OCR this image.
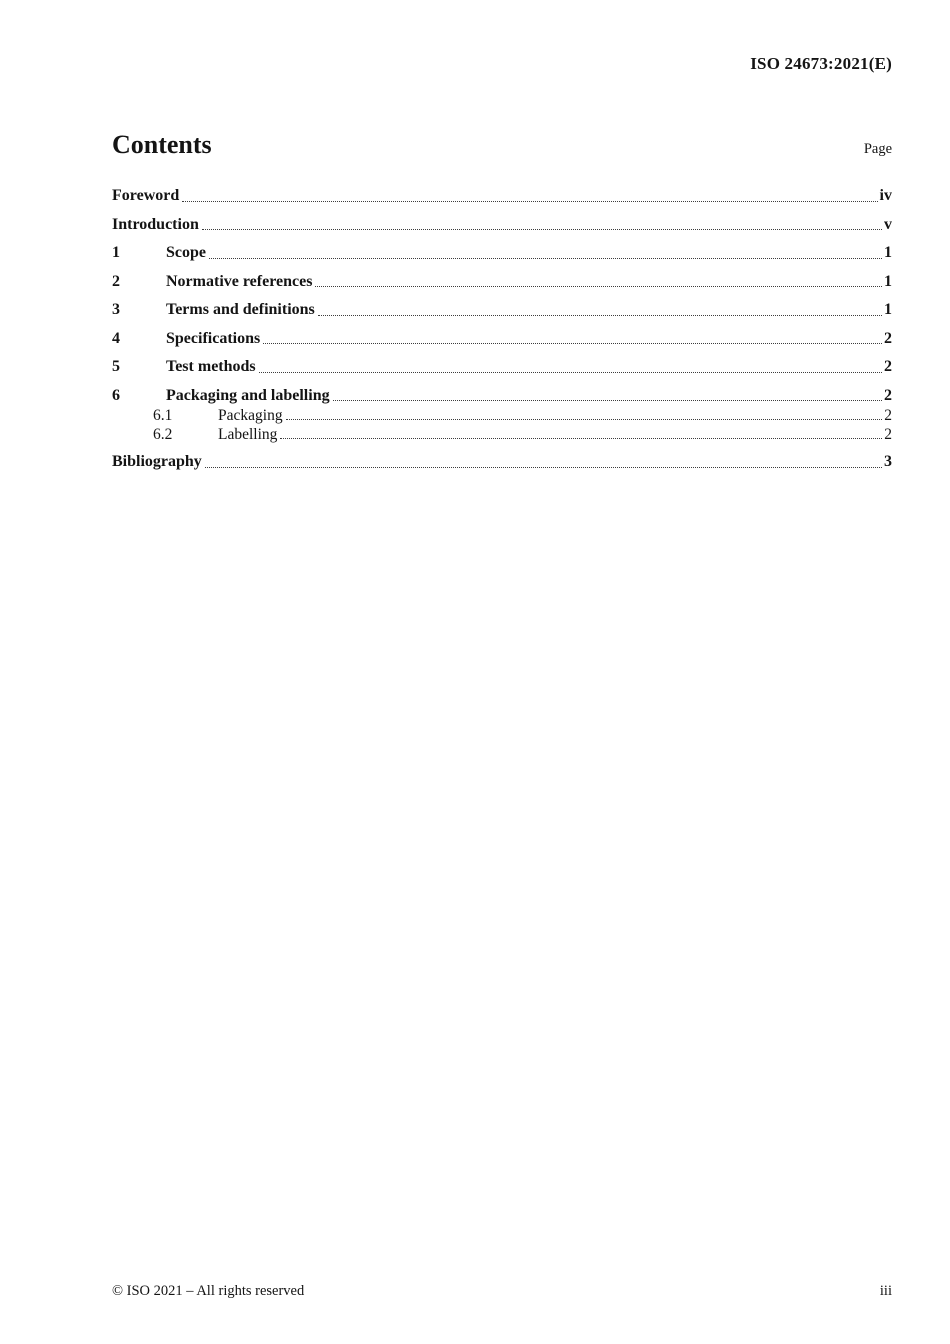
ISO 24673:2021(E)
Contents	Page
Foreword	iv
Introduction	v
1	Scope	1
2	Normative references	1
3	Terms and definitions	1
4	Specifications	2
5	Test methods	2
6	Packaging and labelling	2
6.1	Packaging	2
6.2	Labelling	2
Bibliography	3
© ISO 2021 – All rights reserved	iii
